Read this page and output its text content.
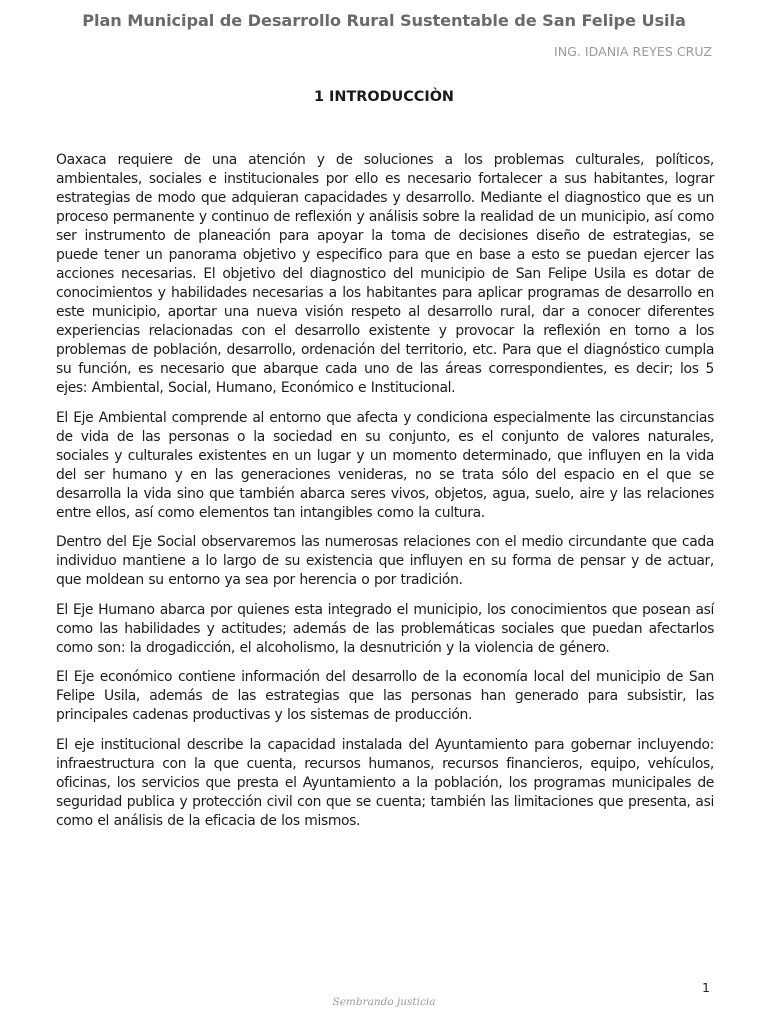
Plan Municipal de Desarrollo Rural Sustentable de San Felipe Usila
ING. IDANIA REYES CRUZ
1 INTRODUCCIÒN

Oaxaca requiere de una atención y de soluciones a los problemas culturales, políticos, ambientales, sociales e institucionales por ello es necesario fortalecer a sus habitantes, lograr estrategias de modo que adquieran capacidades y desarrollo. Mediante el diagnostico que es un proceso permanente y continuo de reflexión y análisis sobre la realidad de un municipio, así como ser instrumento de planeación para apoyar la toma de decisiones diseño de estrategias, se puede tener un panorama objetivo y especifico para que en base a esto se puedan ejercer las acciones necesarias. El objetivo del diagnostico del municipio de San Felipe Usila es dotar de conocimientos y habilidades necesarias a los habitantes para aplicar programas de desarrollo en este municipio, aportar una nueva visión respeto al desarrollo rural, dar a conocer diferentes experiencias relacionadas con el desarrollo existente y provocar la reflexión en torno a los problemas de población, desarrollo, ordenación del territorio, etc. Para que el diagnóstico cumpla su función, es necesario que abarque cada uno de las áreas correspondientes, es decir; los 5 ejes: Ambiental, Social, Humano, Económico e Institucional.

El Eje Ambiental comprende al entorno que afecta y condiciona especialmente las circunstancias de vida de las personas o la sociedad en su conjunto, es el conjunto de valores naturales, sociales y culturales existentes en un lugar y un momento determinado, que influyen en la vida del ser humano y en las generaciones venideras, no se trata sólo del espacio en el que se desarrolla la vida sino que también abarca seres vivos, objetos, agua, suelo, aire y las relaciones entre ellos, así como elementos tan intangibles como la cultura.

Dentro del Eje Social observaremos las numerosas relaciones con el medio circundante que cada individuo mantiene a lo largo de su existencia que influyen en su forma de pensar y de actuar, que moldean su entorno ya sea por herencia o por tradición.

El Eje Humano abarca por quienes esta integrado el municipio, los conocimientos que posean así como las habilidades y actitudes; además de las problemáticas sociales que puedan afectarlos como son: la drogadicción, el alcoholismo, la desnutrición y la violencia de género.

El Eje económico contiene información del desarrollo de la economía local del municipio de San Felipe Usila, además de las estrategias que las personas han generado para subsistir, las principales cadenas productivas y los sistemas de producción.

El eje institucional describe la capacidad instalada del Ayuntamiento para gobernar incluyendo: infraestructura con la que cuenta, recursos humanos, recursos financieros, equipo, vehículos, oficinas, los servicios que presta el Ayuntamiento a la población, los programas municipales de seguridad publica y protección civil con que se cuenta; también las limitaciones que presenta, asi como el análisis de la eficacia de los mismos.

1
Sembrando justicia
